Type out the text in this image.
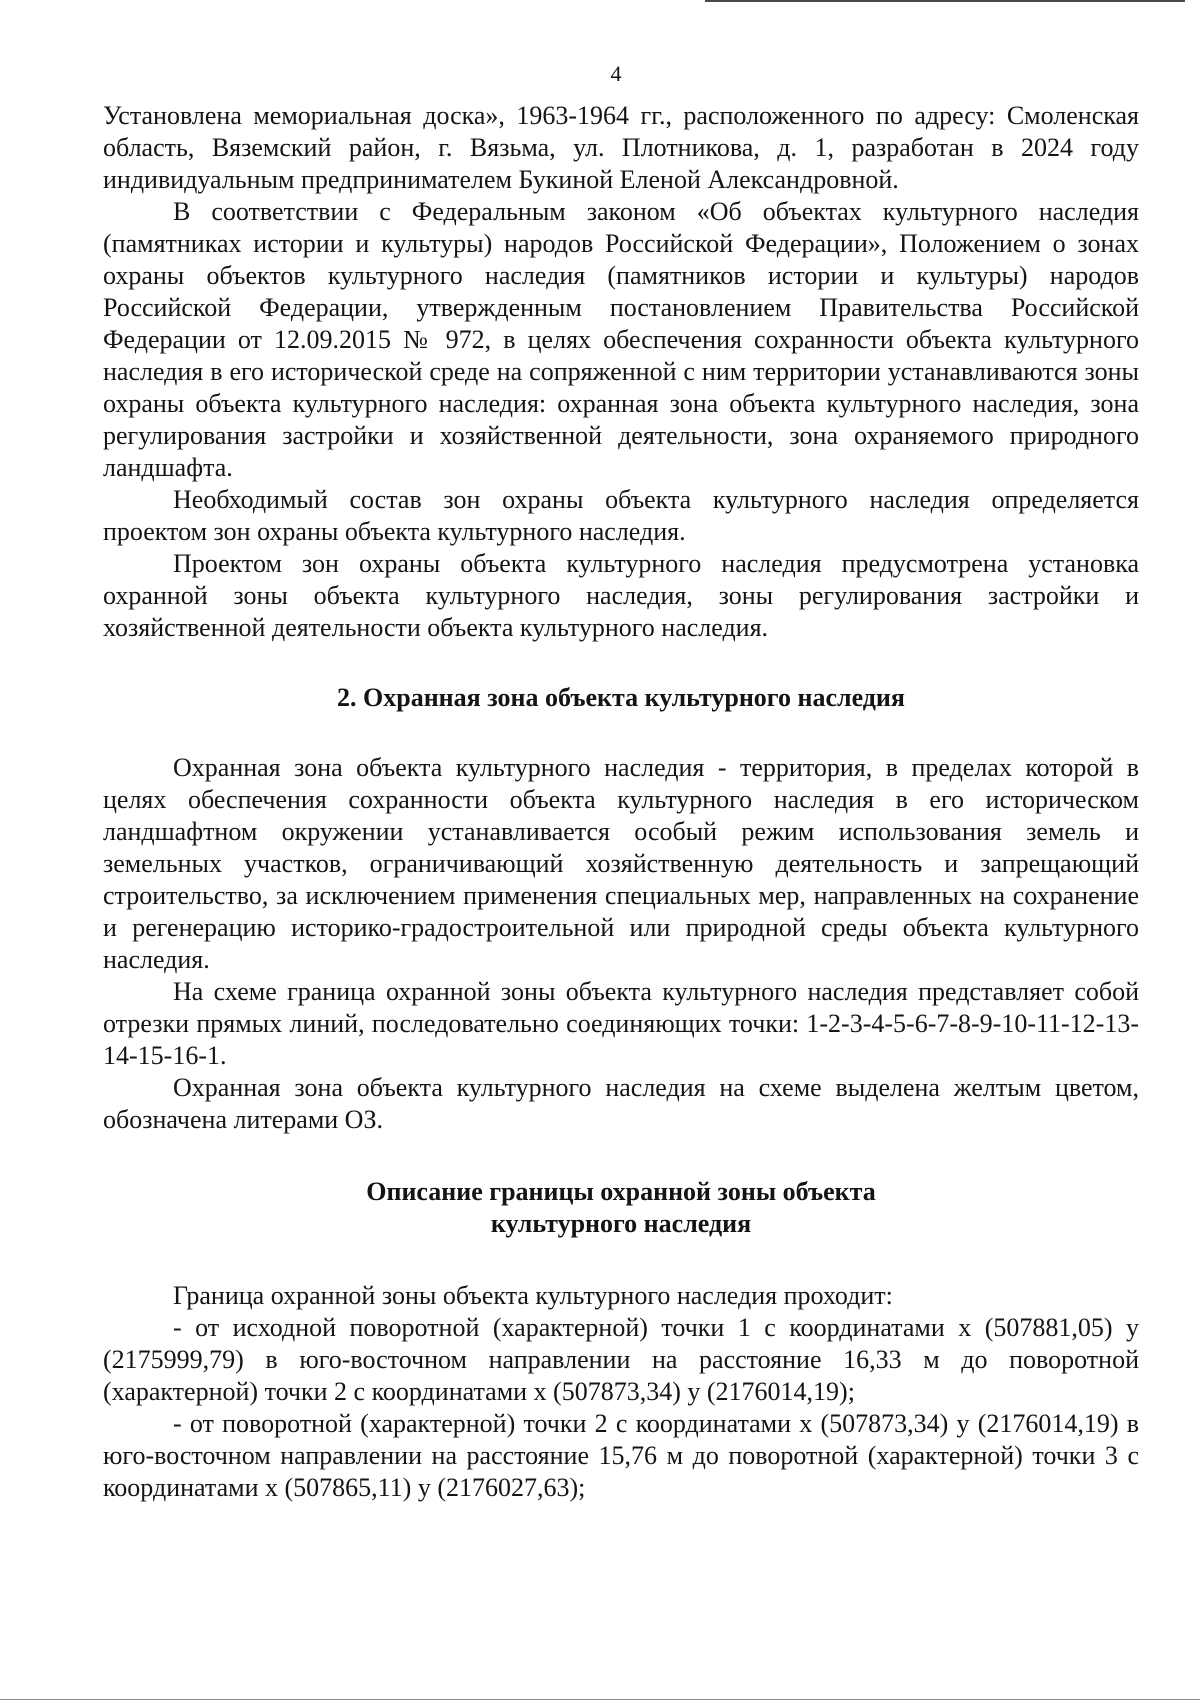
4

Установлена мемориальная доска», 1963-1964 гг., расположенного по адресу: Смоленская область, Вяземский район, г. Вязьма, ул. Плотникова, д. 1, разработан в 2024 году индивидуальным предпринимателем Букиной Еленой Александровной.

В соответствии с Федеральным законом «Об объектах культурного наследия (памятниках истории и культуры) народов Российской Федерации», Положением о зонах охраны объектов культурного наследия (памятников истории и культуры) народов Российской Федерации, утвержденным постановлением Правительства Российской Федерации от 12.09.2015 № 972, в целях обеспечения сохранности объекта культурного наследия в его исторической среде на сопряженной с ним территории устанавливаются зоны охраны объекта культурного наследия: охранная зона объекта культурного наследия, зона регулирования застройки и хозяйственной деятельности, зона охраняемого природного ландшафта.

Необходимый состав зон охраны объекта культурного наследия определяется проектом зон охраны объекта культурного наследия.

Проектом зон охраны объекта культурного наследия предусмотрена установка охранной зоны объекта культурного наследия, зоны регулирования застройки и хозяйственной деятельности объекта культурного наследия.

2. Охранная зона объекта культурного наследия

Охранная зона объекта культурного наследия - территория, в пределах которой в целях обеспечения сохранности объекта культурного наследия в его историческом ландшафтном окружении устанавливается особый режим использования земель и земельных участков, ограничивающий хозяйственную деятельность и запрещающий строительство, за исключением применения специальных мер, направленных на сохранение и регенерацию историко-градостроительной или природной среды объекта культурного наследия.

На схеме граница охранной зоны объекта культурного наследия представляет собой отрезки прямых линий, последовательно соединяющих точки: 1-2-3-4-5-6-7-8-9-10-11-12-13-14-15-16-1.

Охранная зона объекта культурного наследия на схеме выделена желтым цветом, обозначена литерами ОЗ.

Описание границы охранной зоны объекта
культурного наследия

Граница охранной зоны объекта культурного наследия проходит:

- от исходной поворотной (характерной) точки 1 с координатами х (507881,05) у (2175999,79) в юго-восточном направлении на расстояние 16,33 м до поворотной (характерной) точки 2 с координатами х (507873,34) у (2176014,19);

- от поворотной (характерной) точки 2 с координатами х (507873,34) у (2176014,19) в юго-восточном направлении на расстояние 15,76 м до поворотной (характерной) точки 3 с координатами х (507865,11) у (2176027,63);
